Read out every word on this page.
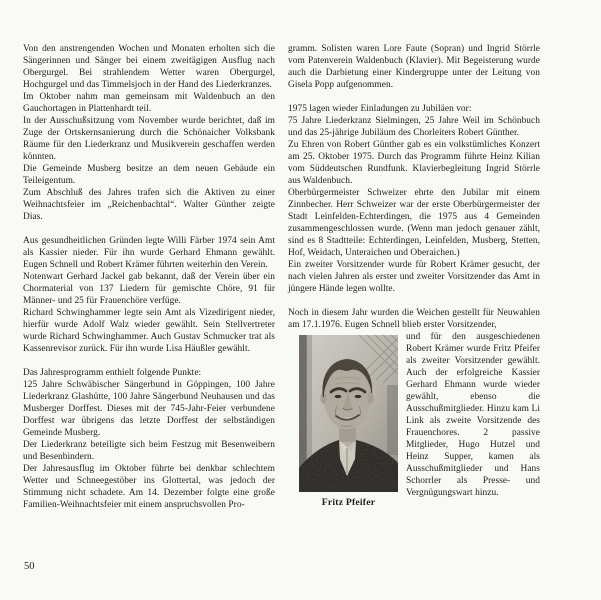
Von den anstrengenden Wochen und Monaten erholten sich die Sängerinnen und Sänger bei einem zweitägigen Ausflug nach Obergurgel. Bei strahlendem Wetter waren Obergurgel, Hochgurgel und das Timmelsjoch in der Hand des Liederkranzes.

Im Oktober nahm man gemeinsam mit Waldenbuch an den Gauchortagen in Plattenhardt teil.

In der Ausschußsitzung vom November wurde berichtet, daß im Zuge der Ortskernsanierung durch die Schönaicher Volksbank Räume für den Liederkranz und Musikverein geschaffen werden könnten.

Die Gemeinde Musberg besitze an dem neuen Gebäude ein Teileigentum.

Zum Abschluß des Jahres trafen sich die Aktiven zu einer Weihnachtsfeier im „Reichenbachtal“. Walter Günther zeigte Dias.

Aus gesundheitlichen Gründen legte Willi Färber 1974 sein Amt als Kassier nieder. Für ihn wurde Gerhard Ehmann gewählt. Eugen Schnell und Robert Krämer führten weiterhin den Verein.

Notenwart Gerhard Jackel gab bekannt, daß der Verein über ein Chormaterial von 137 Liedern für gemischte Chöre, 91 für Männer- und 25 für Frauenchöre verfüge.

Richard Schwinghammer legte sein Amt als Vizedirigent nieder, hierfür wurde Adolf Walz wieder gewählt. Sein Stellvertreter wurde Richard Schwinghammer. Auch Gustav Schmucker trat als Kassenrevisor zurück. Für ihn wurde Lisa Häußler gewählt.

Das Jahresprogramm enthielt folgende Punkte:

125 Jahre Schwäbischer Sängerbund in Göppingen, 100 Jahre Liederkranz Glashütte, 100 Jahre Sängerbund Neuhausen und das Musberger Dorffest. Dieses mit der 745-Jahr-Feier verbundene Dorffest war übrigens das letzte Dorffest der selbständigen Gemeinde Musberg.

Der Liederkranz beteiligte sich beim Festzug mit Besenweibern und Besenbindern.

Der Jahresausflug im Oktober führte bei denkbar schlechtem Wetter und Schneegestöber ins Glottertal, was jedoch der Stimmung nicht schadete. Am 14. Dezember folgte eine große Familien-Weihnachtsfeier mit einem anspruchsvollen Pro-

gramm. Solisten waren Lore Faute (Sopran) und Ingrid Störrle vom Patenverein Waldenbuch (Klavier). Mit Begeisterung wurde auch die Darbietung einer Kindergruppe unter der Leitung von Gisela Popp aufgenommen.

1975 lagen wieder Einladungen zu Jubiläen vor:

75 Jahre Liederkranz Sielmingen, 25 Jahre Weil im Schönbuch und das 25-jährige Jubiläum des Chorleiters Robert Günther.

Zu Ehren von Robert Günther gab es ein volkstümliches Konzert am 25. Oktober 1975. Durch das Programm führte Heinz Kilian vom Süddeutschen Rundfunk. Klavierbegleitung Ingrid Störrle aus Waldenbuch.

Oberbürgermeister Schweizer ehrte den Jubilar mit einem Zinnbecher. Herr Schweizer war der erste Oberbürgermeister der Stadt Leinfelden-Echterdingen, die 1975 aus 4 Gemeinden zusammengeschlossen wurde. (Wenn man jedoch genauer zählt, sind es 8 Stadtteile: Echterdingen, Leinfelden, Musberg, Stetten, Hof, Weidach, Unteraichen und Oberaichen.)

Ein zweiter Vorsitzender wurde für Robert Krämer gesucht, der nach vielen Jahren als erster und zweiter Vorsitzender das Amt in jüngere Hände legen wollte.

Noch in diesem Jahr wurden die Weichen gestellt für Neuwahlen am 17.1.1976. Eugen Schnell blieb erster Vorsitzender,

Fritz Pfeifer

und für den ausgeschiedenen Robert Krämer wurde Fritz Pfeifer als zweiter Vorsitzender gewählt. Auch der erfolgreiche Kassier Gerhard Ehmann wurde wieder gewählt, ebenso die Ausschußmitglieder. Hinzu kam Li Link als zweite Vorsitzende des Frauenchores. 2 passive Mitglieder, Hugo Hutzel und Heinz Supper, kamen als Ausschußmitglieder und Hans Schorrler als Presse- und Vergnügungswart hinzu.

50
